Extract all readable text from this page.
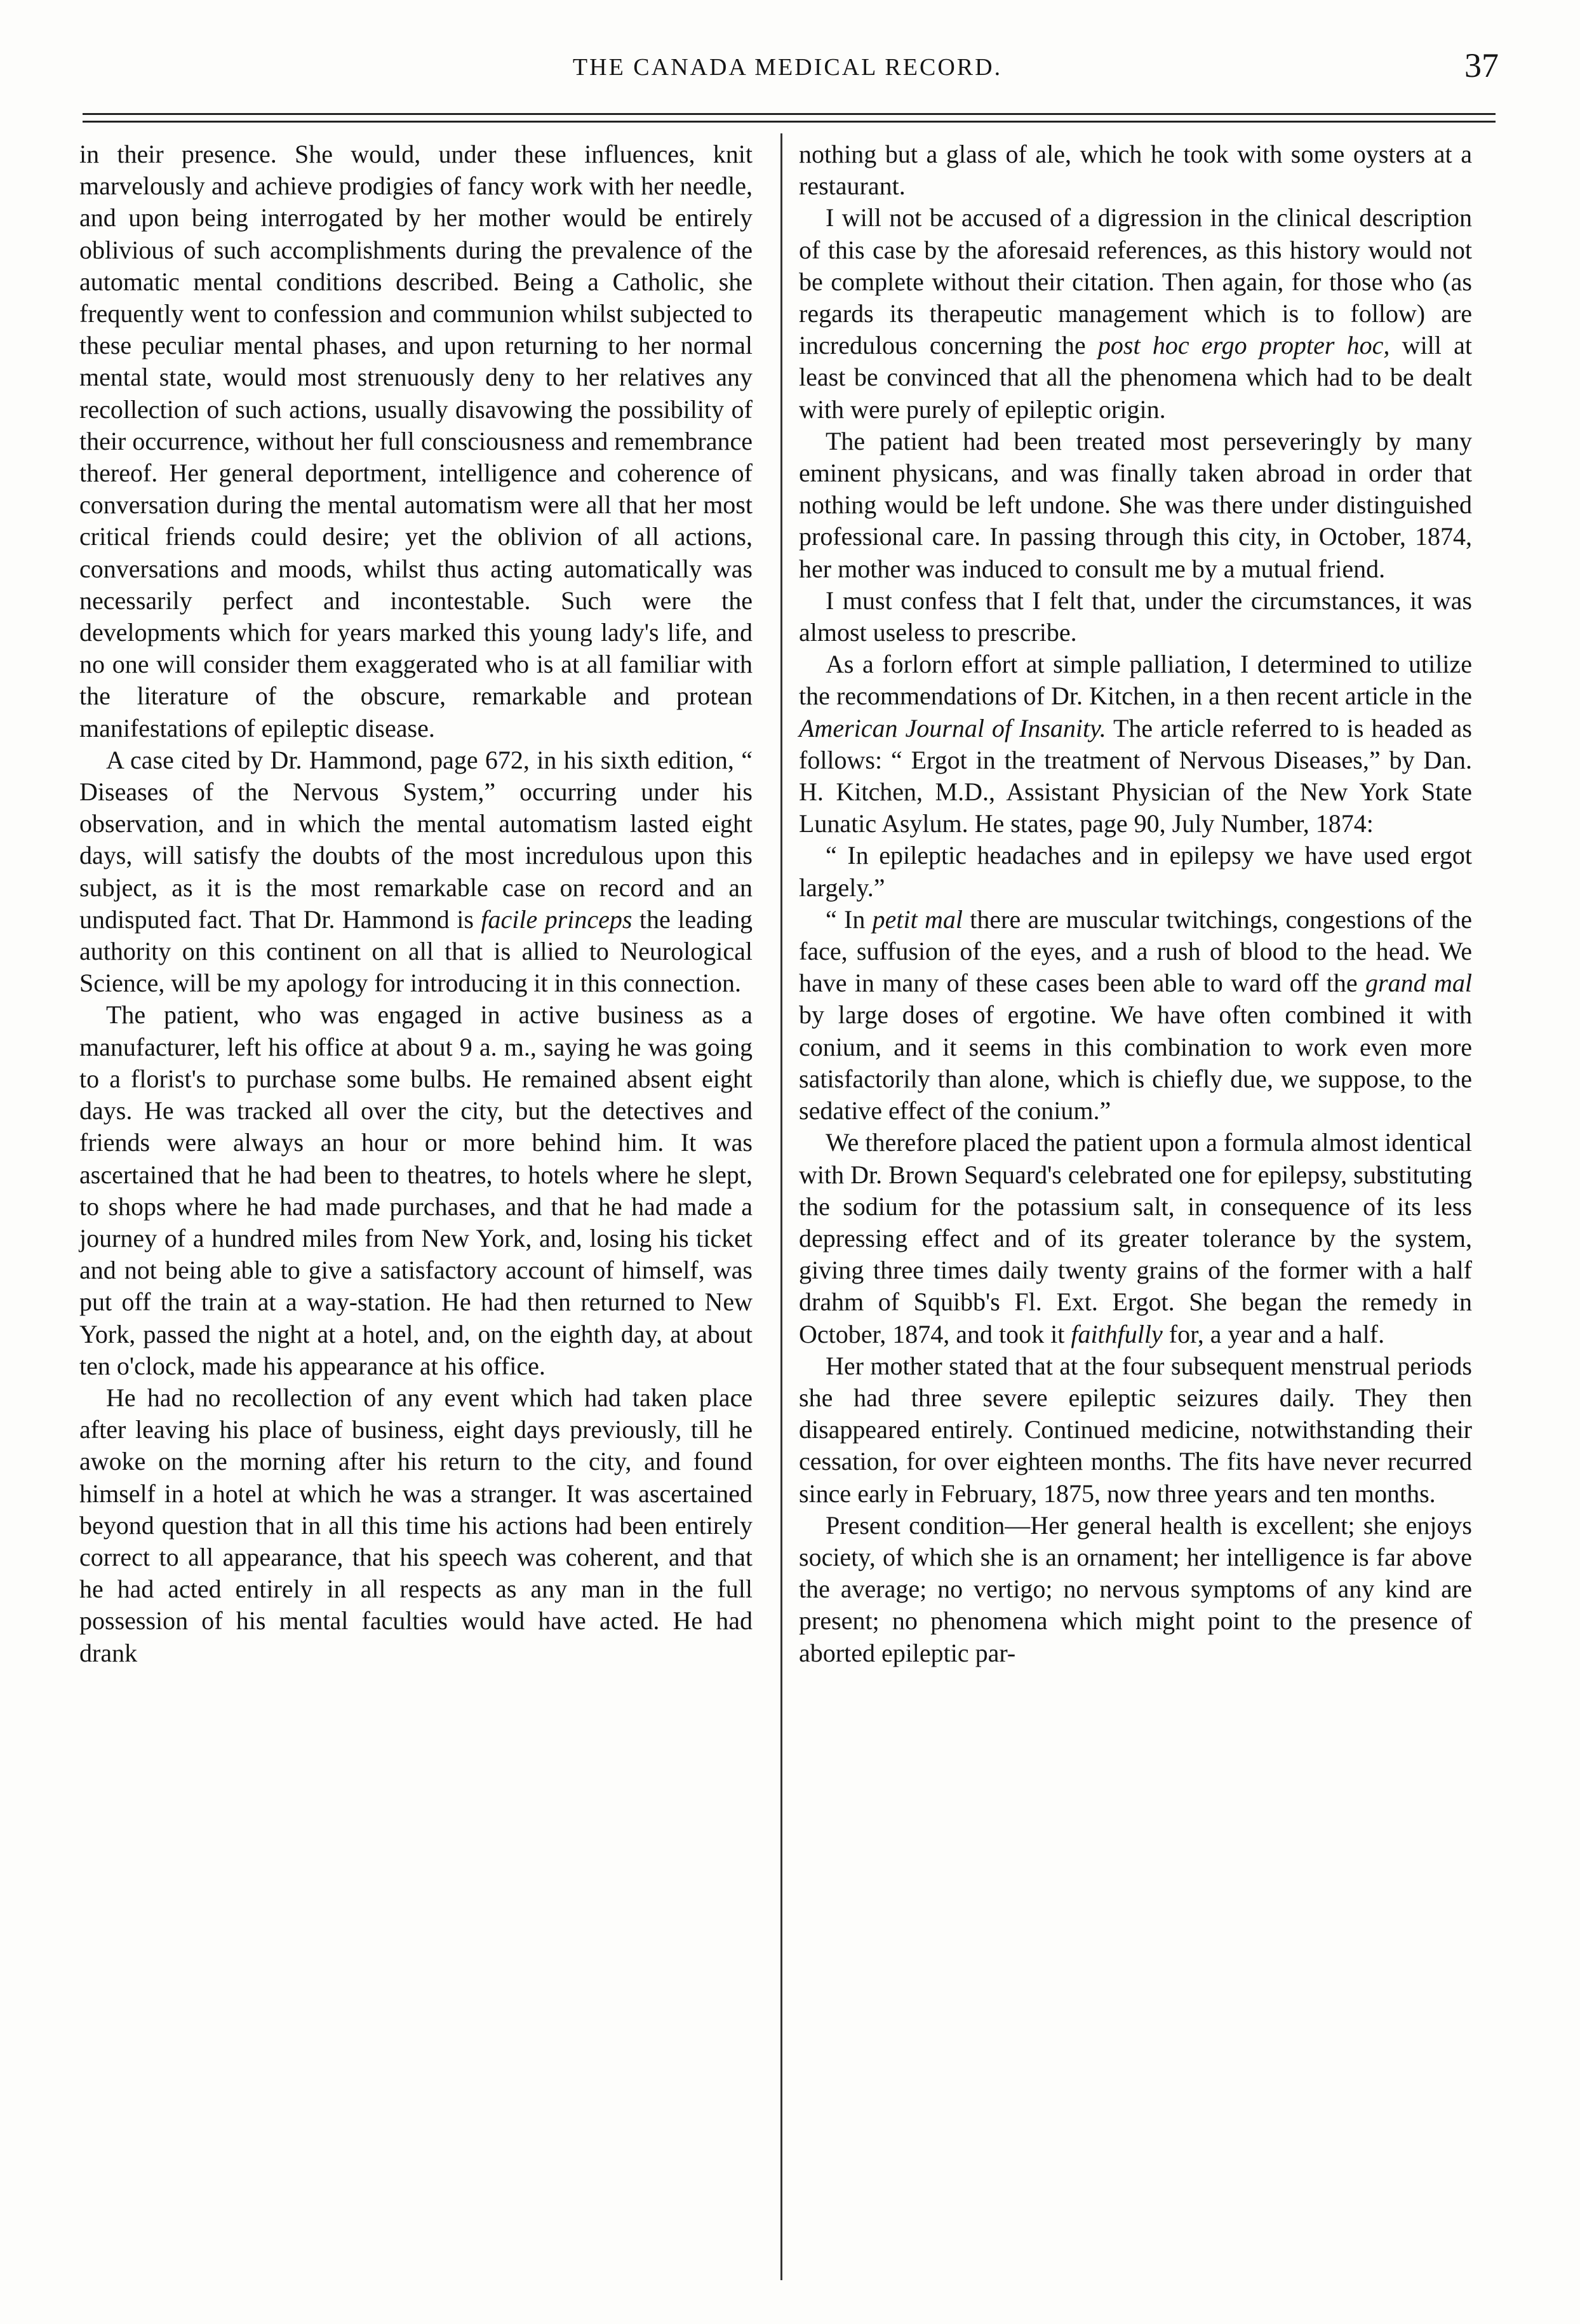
THE CANADA MEDICAL RECORD.	37

in their presence. She would, under these influences, knit marvelously and achieve prodigies of fancy work with her needle, and upon being interrogated by her mother would be entirely oblivious of such accomplishments during the prevalence of the automatic mental conditions described. Being a Catholic, she frequently went to confession and communion whilst subjected to these peculiar mental phases, and upon returning to her normal mental state, would most strenuously deny to her relatives any recollection of such actions, usually disavowing the possibility of their occurrence, without her full consciousness and remembrance thereof. Her general deportment, intelligence and coherence of conversation during the mental automatism were all that her most critical friends could desire; yet the oblivion of all actions, conversations and moods, whilst thus acting automatically was necessarily perfect and incontestable. Such were the developments which for years marked this young lady's life, and no one will consider them exaggerated who is at all familiar with the literature of the obscure, remarkable and protean manifestations of epileptic disease.

A case cited by Dr. Hammond, page 672, in his sixth edition, “ Diseases of the Nervous System,” occurring under his observation, and in which the mental automatism lasted eight days, will satisfy the doubts of the most incredulous upon this subject, as it is the most remarkable case on record and an undisputed fact. That Dr. Hammond is facile princeps the leading authority on this continent on all that is allied to Neurological Science, will be my apology for introducing it in this connection.

The patient, who was engaged in active business as a manufacturer, left his office at about 9 a. m., saying he was going to a florist's to purchase some bulbs. He remained absent eight days. He was tracked all over the city, but the detectives and friends were always an hour or more behind him. It was ascertained that he had been to theatres, to hotels where he slept, to shops where he had made purchases, and that he had made a journey of a hundred miles from New York, and, losing his ticket and not being able to give a satisfactory account of himself, was put off the train at a way-station. He had then returned to New York, passed the night at a hotel, and, on the eighth day, at about ten o'clock, made his appearance at his office.

He had no recollection of any event which had taken place after leaving his place of business, eight days previously, till he awoke on the morning after his return to the city, and found himself in a hotel at which he was a stranger. It was ascertained beyond question that in all this time his actions had been entirely correct to all appearance, that his speech was coherent, and that he had acted entirely in all respects as any man in the full possession of his mental faculties would have acted. He had drank

nothing but a glass of ale, which he took with some oysters at a restaurant.

I will not be accused of a digression in the clinical description of this case by the aforesaid references, as this history would not be complete without their citation. Then again, for those who (as regards its therapeutic management which is to follow) are incredulous concerning the post hoc ergo propter hoc, will at least be convinced that all the phenomena which had to be dealt with were purely of epileptic origin.

The patient had been treated most perseveringly by many eminent physicans, and was finally taken abroad in order that nothing would be left undone. She was there under distinguished professional care. In passing through this city, in October, 1874, her mother was induced to consult me by a mutual friend.

I must confess that I felt that, under the circumstances, it was almost useless to prescribe.

As a forlorn effort at simple palliation, I determined to utilize the recommendations of Dr. Kitchen, in a then recent article in the American Journal of Insanity. The article referred to is headed as follows: “ Ergot in the treatment of Nervous Diseases,” by Dan. H. Kitchen, M.D., Assistant Physician of the New York State Lunatic Asylum. He states, page 90, July Number, 1874:

“ In epileptic headaches and in epilepsy we have used ergot largely.”

“ In petit mal there are muscular twitchings, congestions of the face, suffusion of the eyes, and a rush of blood to the head. We have in many of these cases been able to ward off the grand mal by large doses of ergotine. We have often combined it with conium, and it seems in this combination to work even more satisfactorily than alone, which is chiefly due, we suppose, to the sedative effect of the conium.”

We therefore placed the patient upon a formula almost identical with Dr. Brown Sequard's celebrated one for epilepsy, substituting the sodium for the potassium salt, in consequence of its less depressing effect and of its greater tolerance by the system, giving three times daily twenty grains of the former with a half drahm of Squibb's Fl. Ext. Ergot. She began the remedy in October, 1874, and took it faithfully for, a year and a half.

Her mother stated that at the four subsequent menstrual periods she had three severe epileptic seizures daily. They then disappeared entirely. Continued medicine, notwithstanding their cessation, for over eighteen months. The fits have never recurred since early in February, 1875, now three years and ten months.

Present condition—Her general health is excellent; she enjoys society, of which she is an ornament; her intelligence is far above the average; no vertigo; no nervous symptoms of any kind are present; no phenomena which might point to the presence of aborted epileptic par-
